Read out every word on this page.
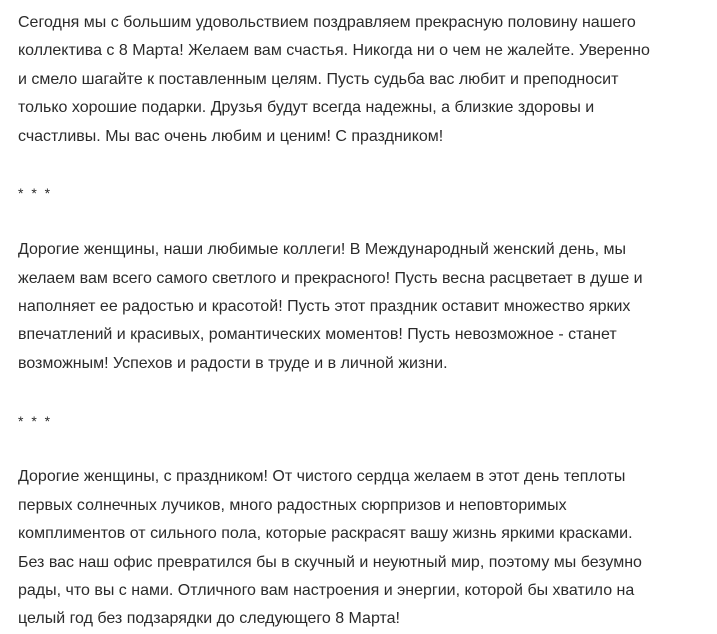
Сегодня мы с большим удовольствием поздравляем прекрасную половину нашего
коллектива с 8 Марта! Желаем вам счастья. Никогда ни о чем не жалейте. Уверенно
и смело шагайте к поставленным целям. Пусть судьба вас любит и преподносит
только хорошие подарки. Друзья будут всегда надежны, а близкие здоровы и
счастливы. Мы вас очень любим и ценим! С праздником!

* * *

Дорогие женщины, наши любимые коллеги! В Международный женский день, мы
желаем вам всего самого светлого и прекрасного! Пусть весна расцветает в душе и
наполняет ее радостью и красотой! Пусть этот праздник оставит множество ярких
впечатлений и красивых, романтических моментов! Пусть невозможное - станет
возможным! Успехов и радости в труде и в личной жизни.

* * *

Дорогие женщины, с праздником! От чистого сердца желаем в этот день теплоты
первых солнечных лучиков, много радостных сюрпризов и неповторимых
комплиментов от сильного пола, которые раскрасят вашу жизнь яркими красками.
Без вас наш офис превратился бы в скучный и неуютный мир, поэтому мы безумно
рады, что вы с нами. Отличного вам настроения и энергии, которой бы хватило на
целый год без подзарядки до следующего 8 Марта!
